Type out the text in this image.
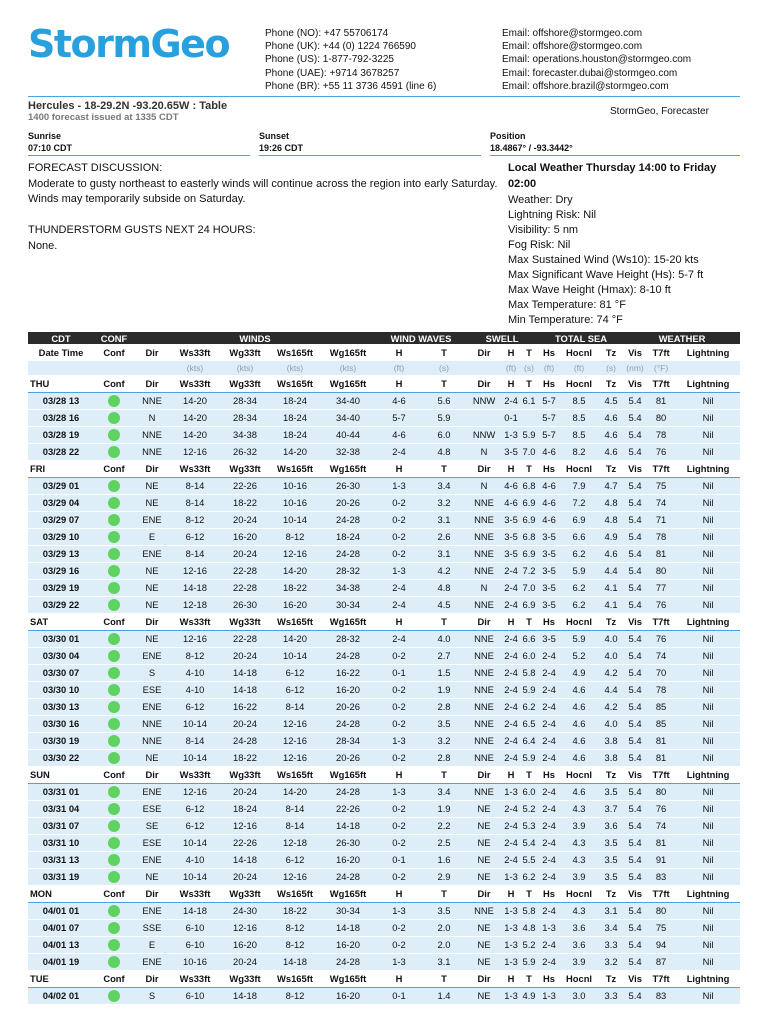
StormGeo	Phone (NO): +47 55706174
Phone (UK): +44 (0) 1224 766590
Phone (US): 1-877-792-3225
Phone (UAE): +9714 3678257
Phone (BR): +55 11 3736 4591 (line 6)
Email: offshore@stormgeo.com
Email: offshore@stormgeo.com
Email: operations.houston@stormgeo.com
Email: forecaster.dubai@stormgeo.com
Email: offshore.brazil@stormgeo.com
Hercules - 18-29.2N -93.20.65W : Table
1400 forecast issued at 1335 CDT
StormGeo, Forecaster
Sunrise
07:10 CDT
Sunset
19:26 CDT
Position
18.4867° / -93.3442°

FORECAST DISCUSSION:

Moderate to gusty northeast to easterly winds will continue across the region into early Saturday.

Winds may temporarily subside on Saturday.

THUNDERSTORM GUSTS NEXT 24 HOURS:

None.

Local Weather Thursday 14:00 to Friday 02:00
Weather: Dry
Lightning Risk: Nil
Visibility: 5 nm
Fog Risk: Nil
Max Sustained Wind (Ws10): 15-20 kts
Max Significant Wave Height (Hs): 5-7 ft
Max Wave Height (Hmax): 8-10 ft
Max Temperature: 81 °F
Min Temperature: 74 °F
CDT	CONF	WINDS					WIND WAVES		SWELL			TOTAL SEA			WEATHER		
Date Time	Conf	Dir	Ws33ft	Wg33ft	Ws165ft	Wg165ft	H	T	Dir	H	T	Hs	Hocnl	Tz	Vis	T7ft	Lightning
			(kts)	(kts)	(kts)	(kts)	(ft)	(s)		(ft)	(s)	(ft)	(ft)	(s)	(nm)	(°F)	
THU	Conf	Dir	Ws33ft	Wg33ft	Ws165ft	Wg165ft	H	T	Dir	H	T	Hs	Hocnl	Tz	Vis	T7ft	Lightning
03/28 13		NNE	14-20	28-34	18-24	34-40	4-6	5.6	NNW	2-4	6.1	5-7	8.5	4.5	5.4	81	Nil
03/28 16		N	14-20	28-34	18-24	34-40	5-7	5.9		0-1		5-7	8.5	4.6	5.4	80	Nil
03/28 19		NNE	14-20	34-38	18-24	40-44	4-6	6.0	NNW	1-3	5.9	5-7	8.5	4.6	5.4	78	Nil
03/28 22		NNE	12-16	26-32	14-20	32-38	2-4	4.8	N	3-5	7.0	4-6	8.2	4.6	5.4	76	Nil
FRI	Conf	Dir	Ws33ft	Wg33ft	Ws165ft	Wg165ft	H	T	Dir	H	T	Hs	Hocnl	Tz	Vis	T7ft	Lightning
03/29 01		NE	8-14	22-26	10-16	26-30	1-3	3.4	N	4-6	6.8	4-6	7.9	4.7	5.4	75	Nil
03/29 04		NE	8-14	18-22	10-16	20-26	0-2	3.2	NNE	4-6	6.9	4-6	7.2	4.8	5.4	74	Nil
03/29 07		ENE	8-12	20-24	10-14	24-28	0-2	3.1	NNE	3-5	6.9	4-6	6.9	4.8	5.4	71	Nil
03/29 10		E	6-12	16-20	8-12	18-24	0-2	2.6	NNE	3-5	6.8	3-5	6.6	4.9	5.4	78	Nil
03/29 13		ENE	8-14	20-24	12-16	24-28	0-2	3.1	NNE	3-5	6.9	3-5	6.2	4.6	5.4	81	Nil
03/29 16		NE	12-16	22-28	14-20	28-32	1-3	4.2	NNE	2-4	7.2	3-5	5.9	4.4	5.4	80	Nil
03/29 19		NE	14-18	22-28	18-22	34-38	2-4	4.8	N	2-4	7.0	3-5	6.2	4.1	5.4	77	Nil
03/29 22		NE	12-18	26-30	16-20	30-34	2-4	4.5	NNE	2-4	6.9	3-5	6.2	4.1	5.4	76	Nil
SAT	Conf	Dir	Ws33ft	Wg33ft	Ws165ft	Wg165ft	H	T	Dir	H	T	Hs	Hocnl	Tz	Vis	T7ft	Lightning
03/30 01		NE	12-16	22-28	14-20	28-32	2-4	4.0	NNE	2-4	6.6	3-5	5.9	4.0	5.4	76	Nil
03/30 04		ENE	8-12	20-24	10-14	24-28	0-2	2.7	NNE	2-4	6.0	2-4	5.2	4.0	5.4	74	Nil
03/30 07		S	4-10	14-18	6-12	16-22	0-1	1.5	NNE	2-4	5.8	2-4	4.9	4.2	5.4	70	Nil
03/30 10		ESE	4-10	14-18	6-12	16-20	0-2	1.9	NNE	2-4	5.9	2-4	4.6	4.4	5.4	78	Nil
03/30 13		ENE	6-12	16-22	8-14	20-26	0-2	2.8	NNE	2-4	6.2	2-4	4.6	4.2	5.4	85	Nil
03/30 16		NNE	10-14	20-24	12-16	24-28	0-2	3.5	NNE	2-4	6.5	2-4	4.6	4.0	5.4	85	Nil
03/30 19		NNE	8-14	24-28	12-16	28-34	1-3	3.2	NNE	2-4	6.4	2-4	4.6	3.8	5.4	81	Nil
03/30 22		NE	10-14	18-22	12-16	20-26	0-2	2.8	NNE	2-4	5.9	2-4	4.6	3.8	5.4	81	Nil
SUN	Conf	Dir	Ws33ft	Wg33ft	Ws165ft	Wg165ft	H	T	Dir	H	T	Hs	Hocnl	Tz	Vis	T7ft	Lightning
03/31 01		ENE	12-16	20-24	14-20	24-28	1-3	3.4	NNE	1-3	6.0	2-4	4.6	3.5	5.4	80	Nil
03/31 04		ESE	6-12	18-24	8-14	22-26	0-2	1.9	NE	2-4	5.2	2-4	4.3	3.7	5.4	76	Nil
03/31 07		SE	6-12	12-16	8-14	14-18	0-2	2.2	NE	2-4	5.3	2-4	3.9	3.6	5.4	74	Nil
03/31 10		ESE	10-14	22-26	12-18	26-30	0-2	2.5	NE	2-4	5.4	2-4	4.3	3.5	5.4	81	Nil
03/31 13		ENE	4-10	14-18	6-12	16-20	0-1	1.6	NE	2-4	5.5	2-4	4.3	3.5	5.4	91	Nil
03/31 19		NE	10-14	20-24	12-16	24-28	0-2	2.9	NE	1-3	6.2	2-4	3.9	3.5	5.4	83	Nil
MON	Conf	Dir	Ws33ft	Wg33ft	Ws165ft	Wg165ft	H	T	Dir	H	T	Hs	Hocnl	Tz	Vis	T7ft	Lightning
04/01 01		ENE	14-18	24-30	18-22	30-34	1-3	3.5	NNE	1-3	5.8	2-4	4.3	3.1	5.4	80	Nil
04/01 07		SSE	6-10	12-16	8-12	14-18	0-2	2.0	NE	1-3	4.8	1-3	3.6	3.4	5.4	75	Nil
04/01 13		E	6-10	16-20	8-12	16-20	0-2	2.0	NE	1-3	5.2	2-4	3.6	3.3	5.4	94	Nil
04/01 19		ENE	10-16	20-24	14-18	24-28	1-3	3.1	NE	1-3	5.9	2-4	3.9	3.2	5.4	87	Nil
TUE	Conf	Dir	Ws33ft	Wg33ft	Ws165ft	Wg165ft	H	T	Dir	H	T	Hs	Hocnl	Tz	Vis	T7ft	Lightning
04/02 01		S	6-10	14-18	8-12	16-20	0-1	1.4	NE	1-3	4.9	1-3	3.0	3.3	5.4	83	Nil
